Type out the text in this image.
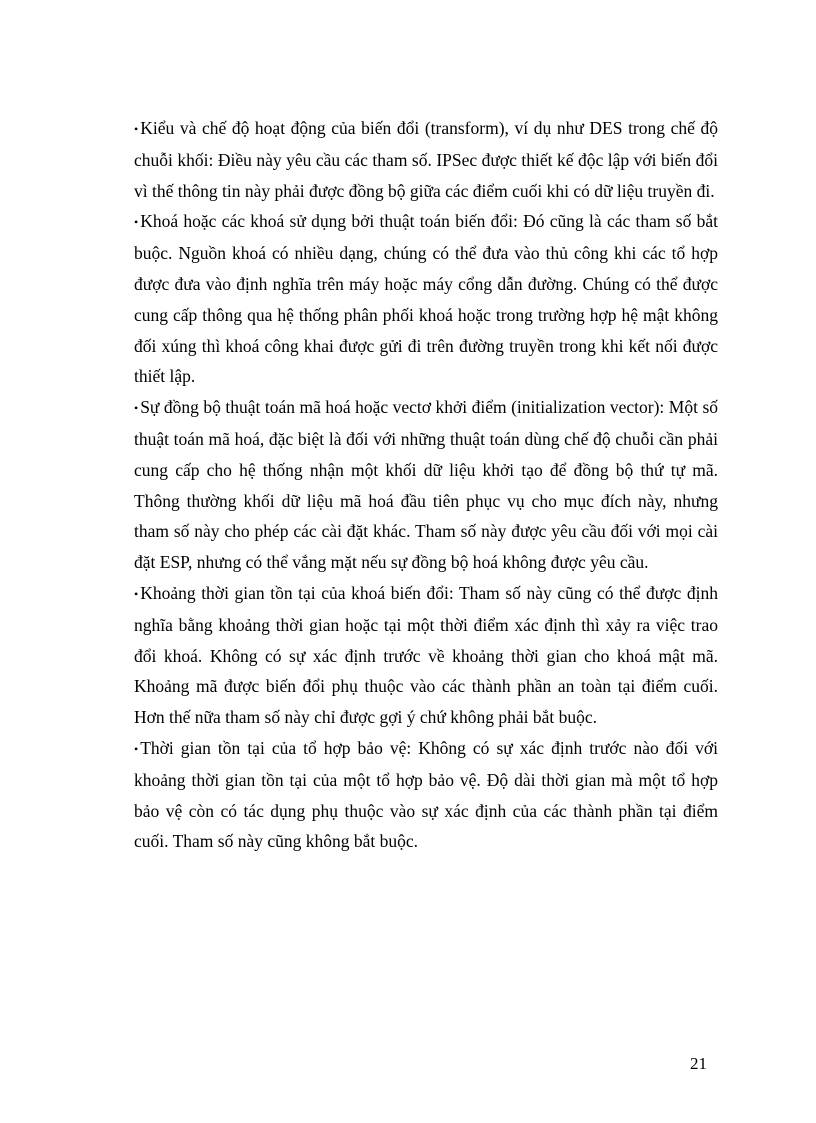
• Kiểu và chế độ hoạt động của biến đổi (transform), ví dụ như DES trong chế độ chuỗi khối: Điều này yêu cầu các tham số. IPSec được thiết kế độc lập với biến đổi vì thế thông tin này phải được đồng bộ giữa các điểm cuối khi có dữ liệu truyền đi.

• Khoá hoặc các khoá sử dụng bởi thuật toán biến đổi: Đó cũng là các tham số bắt buộc. Nguồn khoá có nhiều dạng, chúng có thể đưa vào thủ công khi các tổ hợp được đưa vào định nghĩa trên máy hoặc máy cổng dẫn đường. Chúng có thể được cung cấp thông qua hệ thống phân phối khoá hoặc trong trường hợp hệ mật không đối xúng thì khoá công khai được gửi đi trên đường truyền trong khi kết nối được thiết lập.

• Sự đồng bộ thuật toán mã hoá hoặc vectơ khởi điểm (initialization vector): Một số thuật toán mã hoá, đặc biệt là đối với những thuật toán dùng chế độ chuỗi cần phải cung cấp cho hệ thống nhận một khối dữ liệu khởi tạo để đồng bộ thứ tự mã. Thông thường khối dữ liệu mã hoá đầu tiên phục vụ cho mục đích này, nhưng tham số này cho phép các cài đặt khác. Tham số này được yêu cầu đối với mọi cài đặt ESP, nhưng có thể vắng mặt nếu sự đồng bộ hoá không được yêu cầu.

• Khoảng thời gian tồn tại của khoá biến đổi: Tham số này cũng có thể được định nghĩa bằng khoảng thời gian hoặc tại một thời điểm xác định thì xảy ra việc trao đổi khoá. Không có sự xác định trước về khoảng thời gian cho khoá mật mã. Khoảng mã được biến đổi phụ thuộc vào các thành phần an toàn tại điểm cuối. Hơn thế nữa tham số này chỉ được gợi ý chứ không phải bắt buộc.

• Thời gian tồn tại của tổ hợp bảo vệ: Không có sự xác định trước nào đối với khoảng thời gian tồn tại của một tổ hợp bảo vệ. Độ dài thời gian mà một tổ hợp bảo vệ còn có tác dụng phụ thuộc vào sự xác định của các thành phần tại điểm cuối. Tham số này cũng không bắt buộc.

21
